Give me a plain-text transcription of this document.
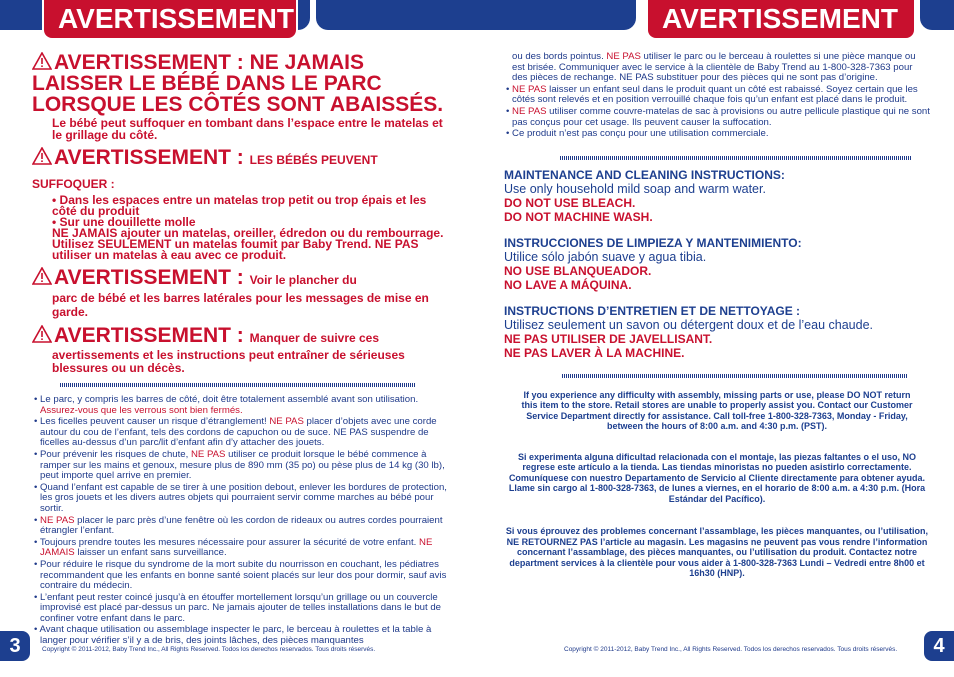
AVERTISSEMENT	AVERTISSEMENT
AVERTISSEMENT : NE JAMAIS LAISSER LE BÉBÉ DANS LE PARC LORSQUE LES CÔTÉS SONT ABAISSÉS.
Le bébé peut suffoquer en tombant dans l’espace entre le matelas et le grillage du côté.
AVERTISSEMENT : LES BÉBÉS PEUVENT SUFFOQUER :
• Dans les espaces entre un matelas trop petit ou trop épais et les côté du produit
• Sur une douillette molle
NE JAMAIS ajouter un matelas, oreiller, édredon ou du rembourrage. Utilisez SEULEMENT un matelas foumit par Baby Trend. NE PAS utiliser un matelas à eau avec ce produit.
AVERTISSEMENT : Voir le plancher du
parc de bébé et les barres latérales pour les messages de mise en garde.
AVERTISSEMENT : Manquer de suivre ces
avertissements et les instructions peut entraîner de sérieuses blessures ou un décès.
• Le parc, y compris les barres de côté, doit être totalement assemblé avant son utilisation. Assurez-vous que les verrous sont bien fermés.
• Les ficelles peuvent causer un risque d’étranglement! NE PAS placer d’objets avec une corde autour du cou de l’enfant, tels des cordons de capuchon ou de suce. NE PAS suspendre de ficelles au-dessus d’un parc/lit d’enfant afin d’y attacher des jouets.
• Pour prévenir les risques de chute, NE PAS utiliser ce produit lorsque le bébé commence à ramper sur les mains et genoux, mesure plus de 890 mm (35 po) ou pèse plus de 14 kg (30 lb), peut importe quel arrive en premier.
• Quand l’enfant est capable de se tirer à une position debout, enlever les bordures de protection, les gros jouets et les divers autres objets qui pourraient servir comme marches au bébé pour sortir.
• NE PAS placer le parc près d’une fenêtre où les cordon de rideaux ou autres cordes pourraient étrangler l’enfant.
• Toujours prendre toutes les mesures nécessaire pour assurer la sécurité de votre enfant. NE JAMAIS laisser un enfant sans surveillance.
• Pour réduire le risque du syndrome de la mort subite du nourrisson en couchant, les pédiatres recommandent que les enfants en bonne santé soient placés sur leur dos pour dormir, sauf avis contraire du médecin.
• L’enfant peut rester coincé jusqu’à en étouffer mortellement lorsqu’un grillage ou un couvercle improvisé est placé par-dessus un parc. Ne jamais ajouter de telles installations dans le but de confiner votre enfant dans le parc.
• Avant chaque utilisation ou assemblage inspecter le parc, le berceau à roulettes et la table à langer pour vérifier s’il y a de bris, des joints lâches, des pièces manquantes
ou des bords pointus. NE PAS utiliser le parc ou le berceau à roulettes si une pièce manque ou est brisée. Communiquer avec le service à la clientèle de Baby Trend au 1-800-328-7363 pour des pièces de rechange. NE PAS substituer pour des pièces qui ne sont pas d’origine.
• NE PAS laisser un enfant seul dans le produit quant un côté est rabaissé. Soyez certain que les côtés sont relevés et en position verrouillé chaque fois qu’un enfant est placé dans le produit.
• NE PAS utiliser comme couvre-matelas de sac à provisions ou autre pellicule plastique qui ne sont pas conçus pour cet usage. Ils peuvent causer la suffocation.
• Ce produit n’est pas conçu pour une utilisation commerciale.
MAINTENANCE AND CLEANING INSTRUCTIONS:
Use only household mild soap and warm water.
DO NOT USE BLEACH.
DO NOT MACHINE WASH.
INSTRUCCIONES DE LIMPIEZA Y MANTENIMIENTO:
Utilice sólo jabón suave y agua tibia.
NO USE BLANQUEADOR.
NO LAVE A MÁQUINA.
INSTRUCTIONS D’ENTRETIEN ET DE NETTOYAGE :
Utilisez seulement un savon ou détergent doux et de l’eau chaude.
NE PAS UTILISER DE JAVELLISANT.
NE PAS LAVER À LA MACHINE.
If you experience any difficulty with assembly, missing parts or use, please DO NOT return this item to the store. Retail stores are unable to properly assist you. Contact our Customer Service Department directly for assistance. Call toll-free 1-800-328-7363, Monday - Friday, between the hours of 8:00 a.m. and 4:30 p.m. (PST).
Si experimenta alguna dificultad relacionada con el montaje, las piezas faltantes o el uso, NO regrese este artículo a la tienda. Las tiendas minoristas no pueden asistirlo correctamente. Comuníquese con nuestro Departamento de Servicio al Cliente directamente para obtener ayuda. Llame sin cargo al 1-800-328-7363, de lunes a viernes, en el horario de 8:00 a.m. a 4:30 p.m. (Hora Estándar del Pacífico).
Si vous éprouvez des problemes concernant l’assamblage, les pièces manquantes, ou l’utilisation, NE RETOURNEZ PAS l’article au magasin. Les magasins ne peuvent pas vous rendre l’information concernant l’assamblage, des pièces manquantes, ou l’utilisation du produit. Contactez notre department services à la clientèle pour vous aider à 1-800-328-7363 Lundi – Vedredi entre 8h00 et 16h30 (HNP).
3	4
Copyright © 2011-2012, Baby Trend Inc., All Rights Reserved. Todos los derechos reservados. Tous droits réservés.	Copyright © 2011-2012, Baby Trend Inc., All Rights Reserved. Todos los derechos reservados. Tous droits réservés.
